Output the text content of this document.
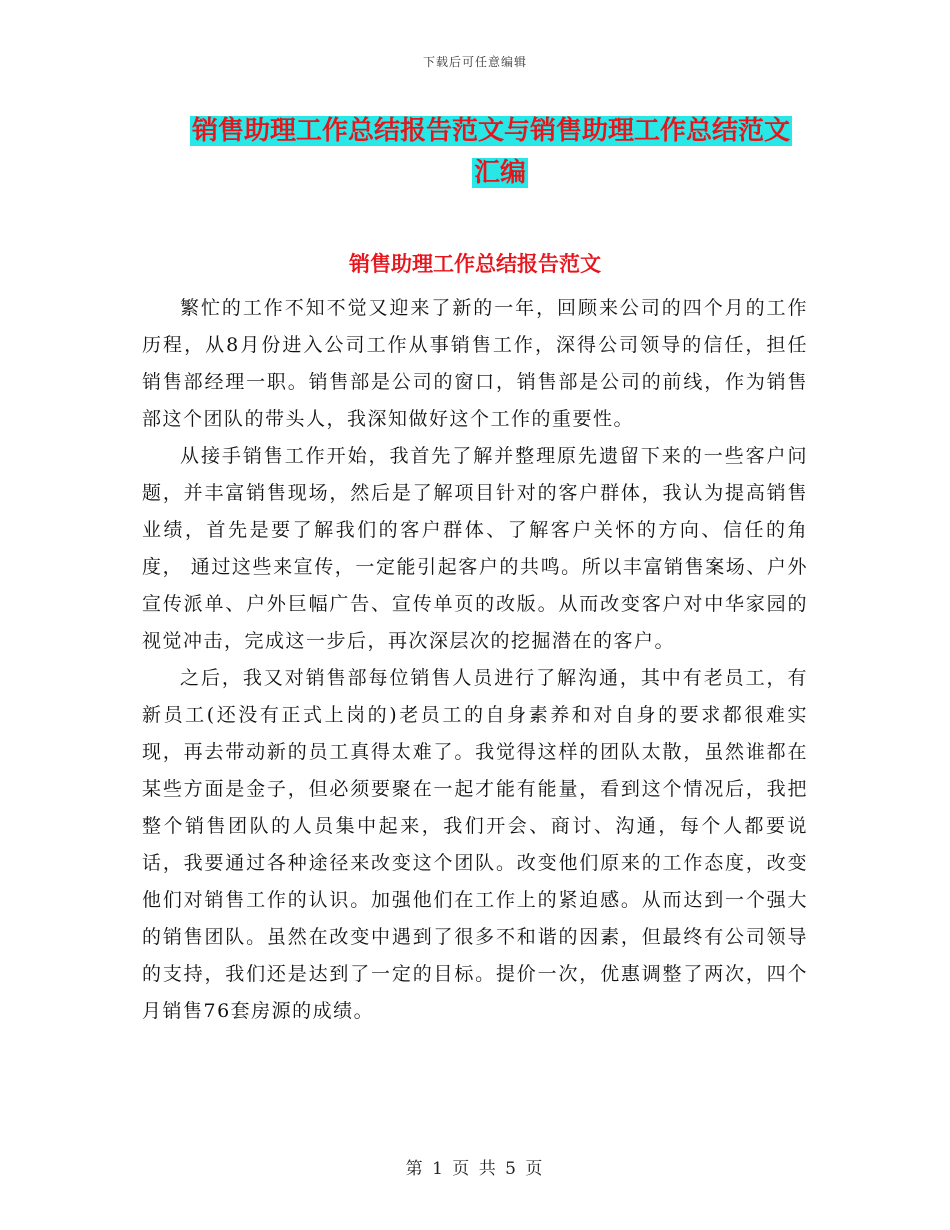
下载后可任意编辑
销售助理工作总结报告范文与销售助理工作总结范文
汇编
销售助理工作总结报告范文

繁忙的工作不知不觉又迎来了新的一年，回顾来公司的四个月的工作历程，从8月份进入公司工作从事销售工作，深得公司领导的信任，担任销售部经理一职。销售部是公司的窗口，销售部是公司的前线，作为销售部这个团队的带头人，我深知做好这个工作的重要性。

从接手销售工作开始，我首先了解并整理原先遗留下来的一些客户问题，并丰富销售现场，然后是了解项目针对的客户群体，我认为提高销售业绩，首先是要了解我们的客户群体、了解客户关怀的方向、信任的角度， 通过这些来宣传，一定能引起客户的共鸣。所以丰富销售案场、户外宣传派单、户外巨幅广告、宣传单页的改版。从而改变客户对中华家园的视觉冲击，完成这一步后，再次深层次的挖掘潜在的客户。

之后，我又对销售部每位销售人员进行了解沟通，其中有老员工，有新员工(还没有正式上岗的)老员工的自身素养和对自身的要求都很难实现，再去带动新的员工真得太难了。我觉得这样的团队太散，虽然谁都在某些方面是金子，但必须要聚在一起才能有能量，看到这个情况后，我把整个销售团队的人员集中起来，我们开会、商讨、沟通，每个人都要说话，我要通过各种途径来改变这个团队。改变他们原来的工作态度，改变他们对销售工作的认识。加强他们在工作上的紧迫感。从而达到一个强大的销售团队。虽然在改变中遇到了很多不和谐的因素，但最终有公司领导的支持，我们还是达到了一定的目标。提价一次，优惠调整了两次，四个月销售76套房源的成绩。

第 1 页 共 5 页
